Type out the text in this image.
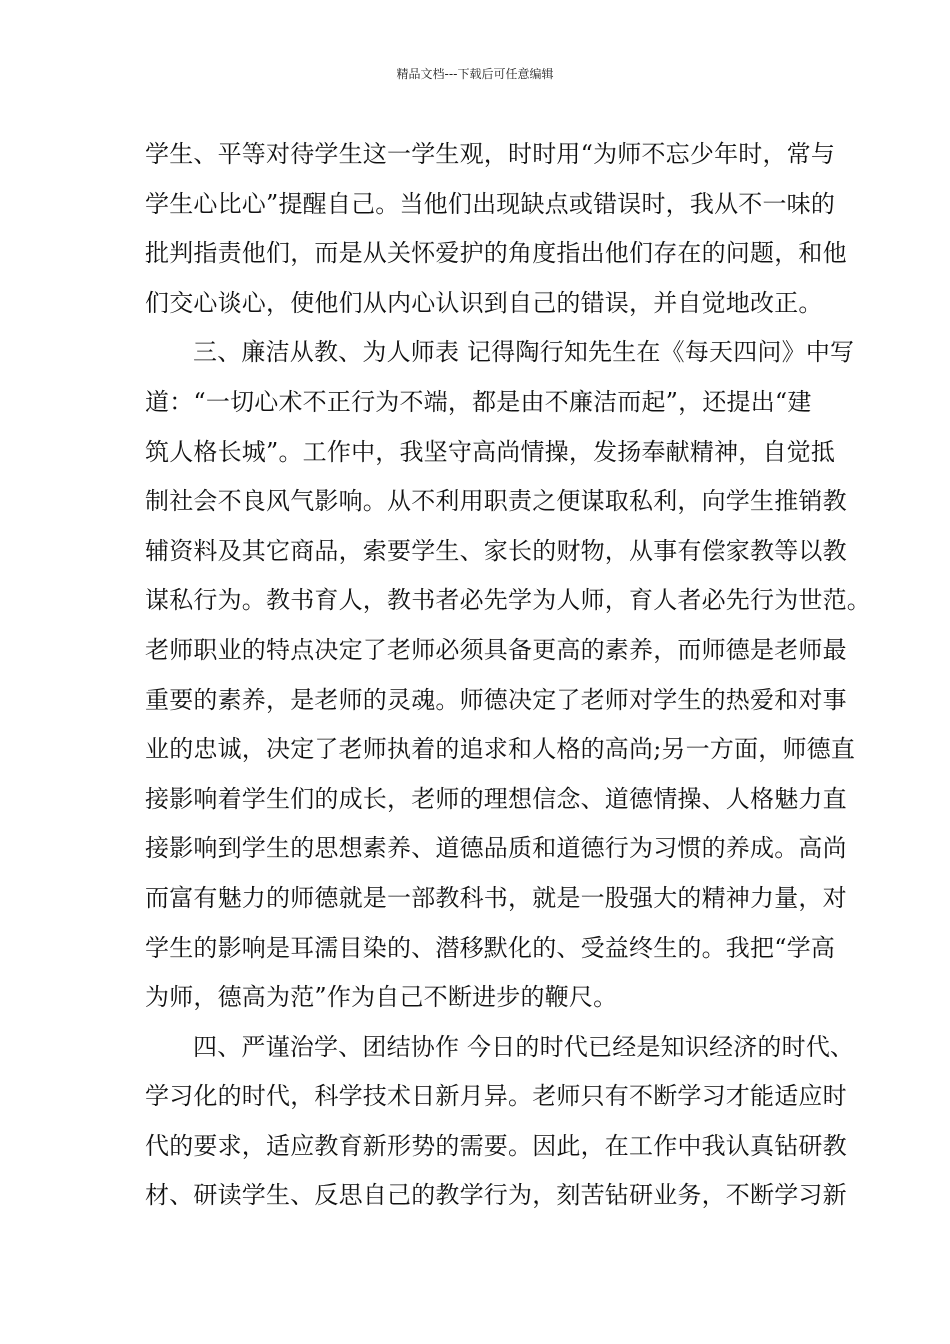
精品文档---下载后可任意编辑
学生、平等对待学生这一学生观，时时用“为师不忘少年时，常与
学生心比心”提醒自己。当他们出现缺点或错误时，我从不一味的
批判指责他们，而是从关怀爱护的角度指出他们存在的问题，和他
们交心谈心，使他们从内心认识到自己的错误，并自觉地改正。
三、廉洁从教、为人师表 记得陶行知先生在《每天四问》中写
道：“一切心术不正行为不端，都是由不廉洁而起”，还提出“建
筑人格长城”。工作中，我坚守高尚情操，发扬奉献精神，自觉抵
制社会不良风气影响。从不利用职责之便谋取私利，向学生推销教
辅资料及其它商品，索要学生、家长的财物，从事有偿家教等以教
谋私行为。教书育人，教书者必先学为人师，育人者必先行为世范。
老师职业的特点决定了老师必须具备更高的素养，而师德是老师最
重要的素养，是老师的灵魂。师德决定了老师对学生的热爱和对事
业的忠诚，决定了老师执着的追求和人格的高尚;另一方面，师德直
接影响着学生们的成长，老师的理想信念、道德情操、人格魅力直
接影响到学生的思想素养、道德品质和道德行为习惯的养成。高尚
而富有魅力的师德就是一部教科书，就是一股强大的精神力量，对
学生的影响是耳濡目染的、潜移默化的、受益终生的。我把“学高
为师，德高为范”作为自己不断进步的鞭尺。
四、严谨治学、团结协作 今日的时代已经是知识经济的时代、
学习化的时代，科学技术日新月异。老师只有不断学习才能适应时
代的要求，适应教育新形势的需要。因此，在工作中我认真钻研教
材、研读学生、反思自己的教学行为，刻苦钻研业务，不断学习新
